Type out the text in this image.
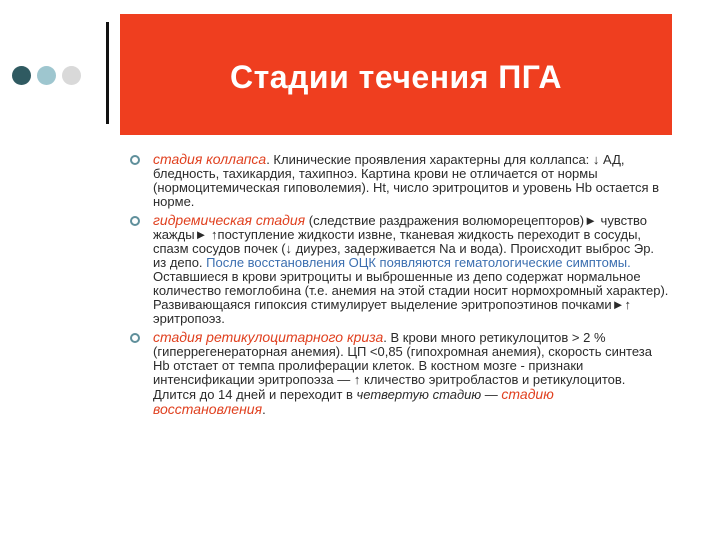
Стадии течения ПГА
стадия коллапса. Клинические проявления характерны для коллапса: ↓ АД, бледность, тахикардия, тахипноэ. Картина крови не отличается от нормы (нормоцитемическая гиповолемия). Ht, число эритроцитов и уровень Hb остается в норме.
гидремическая стадия (следствие раздражения волюморецепторов)► чувство жажды► ↑поступление жидкости извне, тканевая жидкость переходит в сосуды, спазм сосудов почек (↓ диурез, задерживается Na и вода). Происходит выброс Эр. из депо. После восстановления ОЦК появляются гематологические симптомы. Оставшиеся в крови эритроциты и выброшенные из депо содержат нормальное количество гемоглобина (т.е. анемия на этой стадии носит нормохромный характер). Развивающаяся гипоксия стимулирует выделение эритропоэтинов почками►↑ эритропоэз.
стадия ретикулоцитарного криза. В крови много ретикулоцитов > 2 % (гиперрегенераторная анемия). ЦП <0,85 (гипохромная анемия), скорость синтеза Hb отстает от темпа пролиферации клеток. В костном мозге - признаки интенсификации эритропоэза — ↑ кличество эритробластов и ретикулоцитов. Длится до 14 дней и переходит в четвертую стадию — стадию восстановления.
